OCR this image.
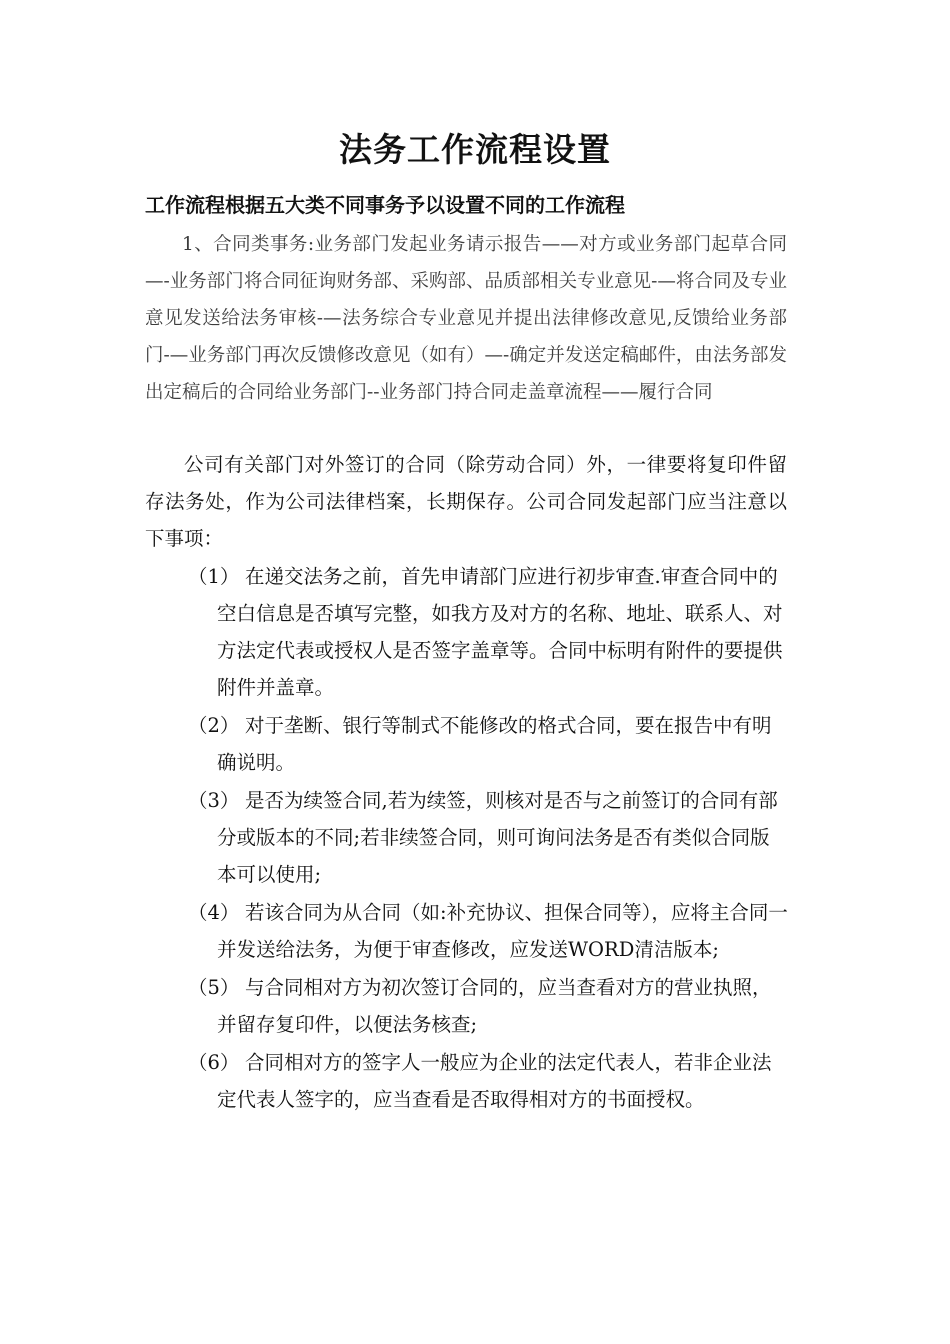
法务工作流程设置
工作流程根据五大类不同事务予以设置不同的工作流程
1、合同类事务:业务部门发起业务请示报告——对方或业务部门起草合同—-业务部门将合同征询财务部、采购部、品质部相关专业意见-—将合同及专业意见发送给法务审核-—法务综合专业意见并提出法律修改意见,反馈给业务部门-—业务部门再次反馈修改意见（如有）—-确定并发送定稿邮件，由法务部发出定稿后的合同给业务部门--业务部门持合同走盖章流程——履行合同
公司有关部门对外签订的合同（除劳动合同）外，一律要将复印件留存法务处，作为公司法律档案，长期保存。公司合同发起部门应当注意以下事项：
（1） 在递交法务之前，首先申请部门应进行初步审查.审查合同中的空白信息是否填写完整，如我方及对方的名称、地址、联系人、对方法定代表或授权人是否签字盖章等。合同中标明有附件的要提供附件并盖章。
（2） 对于垄断、银行等制式不能修改的格式合同，要在报告中有明确说明。
（3） 是否为续签合同,若为续签，则核对是否与之前签订的合同有部分或版本的不同;若非续签合同，则可询问法务是否有类似合同版本可以使用;
（4） 若该合同为从合同（如:补充协议、担保合同等），应将主合同一并发送给法务，为便于审查修改，应发送WORD清洁版本;
（5） 与合同相对方为初次签订合同的，应当查看对方的营业执照，并留存复印件，以便法务核查;
（6） 合同相对方的签字人一般应为企业的法定代表人，若非企业法定代表人签字的，应当查看是否取得相对方的书面授权。
